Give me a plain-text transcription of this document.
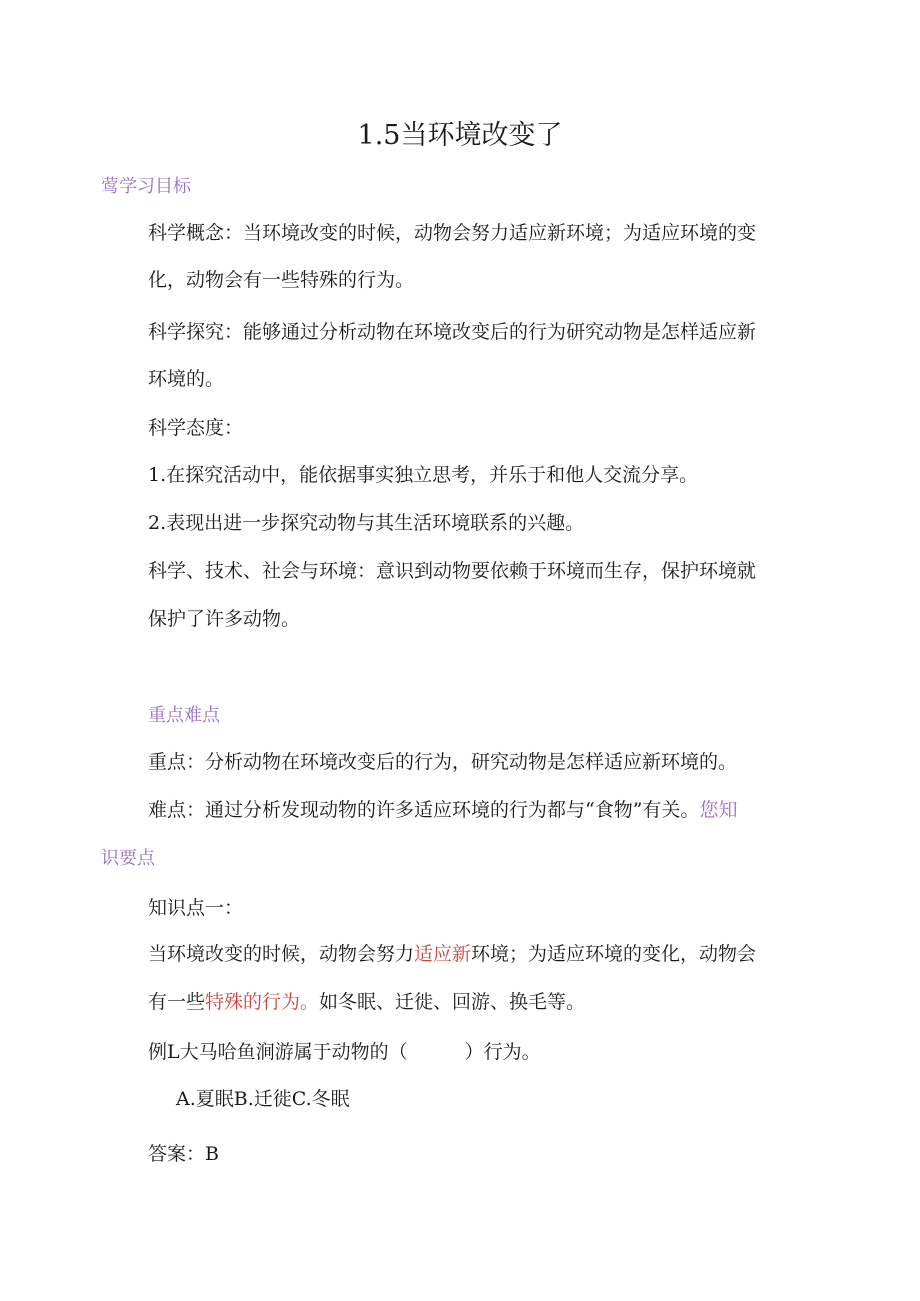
1.5当环境改变了
莺学习目标
科学概念：当环境改变的时候，动物会努力适应新环境；为适应环境的变
化，动物会有一些特殊的行为。
科学探究：能够通过分析动物在环境改变后的行为研究动物是怎样适应新
环境的。
科学态度：
1.在探究活动中，能依据事实独立思考，并乐于和他人交流分享。
2.表现出进一步探究动物与其生活环境联系的兴趣。
科学、技术、社会与环境：意识到动物要依赖于环境而生存，保护环境就
保护了许多动物。
重点难点
重点：分析动物在环境改变后的行为，研究动物是怎样适应新环境的。
难点：通过分析发现动物的许多适应环境的行为都与“食物”有关。您知
识要点
知识点一：
当环境改变的时候，动物会努力适应新环境；为适应环境的变化，动物会
有一些特殊的行为。如冬眠、迁徙、回游、换毛等。
例L大马哈鱼涧游属于动物的（　　　）行为。
A.夏眠B.迁徙C.冬眠
答案：B
